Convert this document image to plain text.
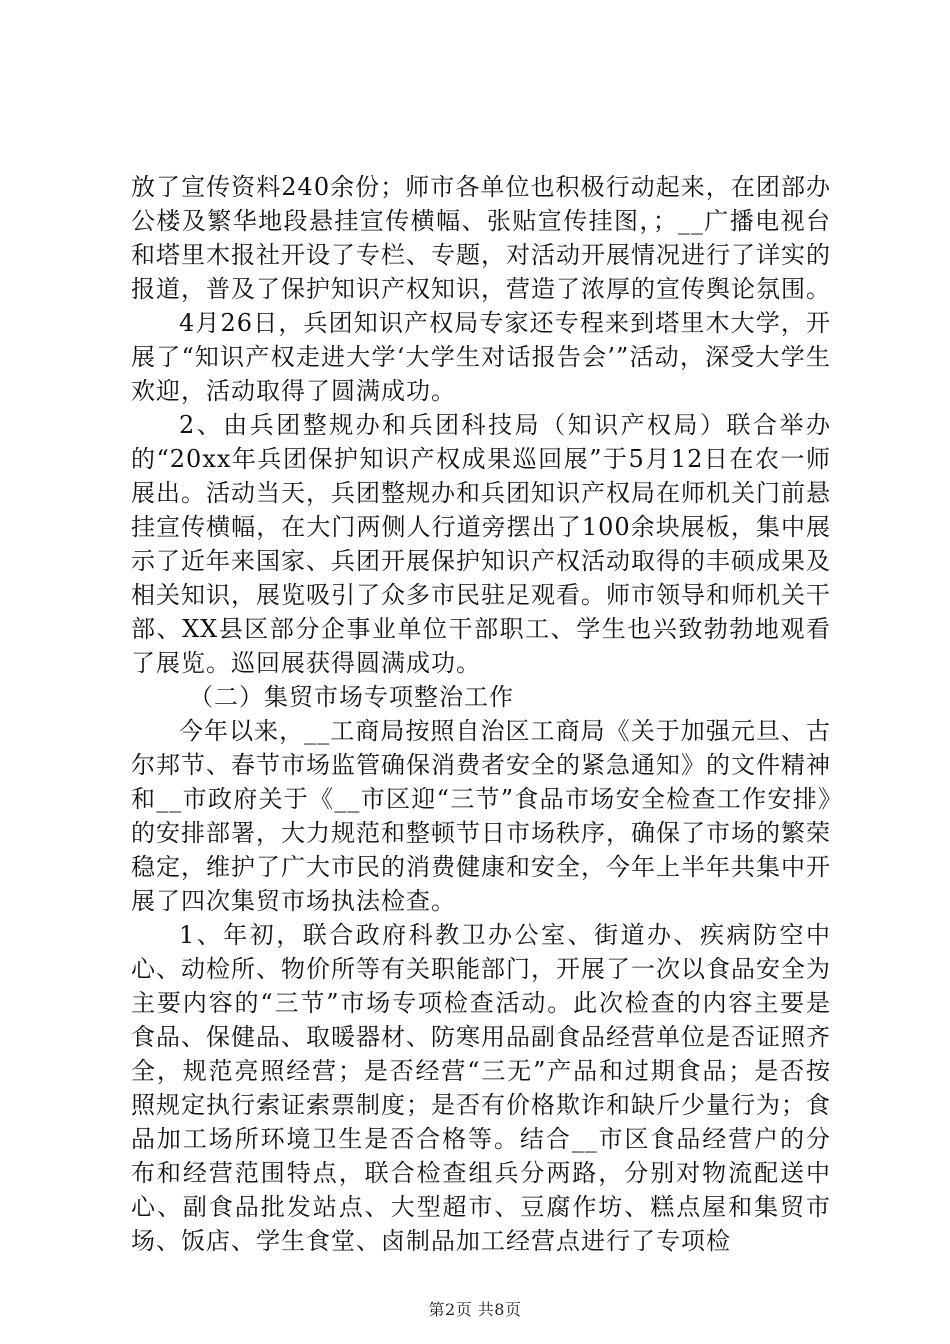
放了宣传资料240余份；师市各单位也积极行动起来，在团部办公楼及繁华地段悬挂宣传横幅、张贴宣传挂图，；__广播电视台和塔里木报社开设了专栏、专题，对活动开展情况进行了详实的报道，普及了保护知识产权知识，营造了浓厚的宣传舆论氛围。

4月26日，兵团知识产权局专家还专程来到塔里木大学，开展了“知识产权走进大学‘大学生对话报告会’”活动，深受大学生欢迎，活动取得了圆满成功。

2、由兵团整规办和兵团科技局（知识产权局）联合举办的“20xx年兵团保护知识产权成果巡回展”于5月12日在农一师展出。活动当天，兵团整规办和兵团知识产权局在师机关门前悬挂宣传横幅，在大门两侧人行道旁摆出了100余块展板，集中展示了近年来国家、兵团开展保护知识产权活动取得的丰硕成果及相关知识，展览吸引了众多市民驻足观看。师市领导和师机关干部、XX县区部分企事业单位干部职工、学生也兴致勃勃地观看了展览。巡回展获得圆满成功。

（二）集贸市场专项整治工作

今年以来，__工商局按照自治区工商局《关于加强元旦、古尔邦节、春节市场监管确保消费者安全的紧急通知》的文件精神和__市政府关于《__市区迎“三节”食品市场安全检查工作安排》的安排部署，大力规范和整顿节日市场秩序，确保了市场的繁荣稳定，维护了广大市民的消费健康和安全，今年上半年共集中开展了四次集贸市场执法检查。

1、年初，联合政府科教卫办公室、街道办、疾病防空中心、动检所、物价所等有关职能部门，开展了一次以食品安全为主要内容的“三节”市场专项检查活动。此次检查的内容主要是食品、保健品、取暖器材、防寒用品副食品经营单位是否证照齐全，规范亮照经营；是否经营“三无”产品和过期食品；是否按照规定执行索证索票制度；是否有价格欺诈和缺斤少量行为；食品加工场所环境卫生是否合格等。结合__市区食品经营户的分布和经营范围特点，联合检查组兵分两路，分别对物流配送中心、副食品批发站点、大型超市、豆腐作坊、糕点屋和集贸市场、饭店、学生食堂、卤制品加工经营点进行了专项检

第2页 共8页
